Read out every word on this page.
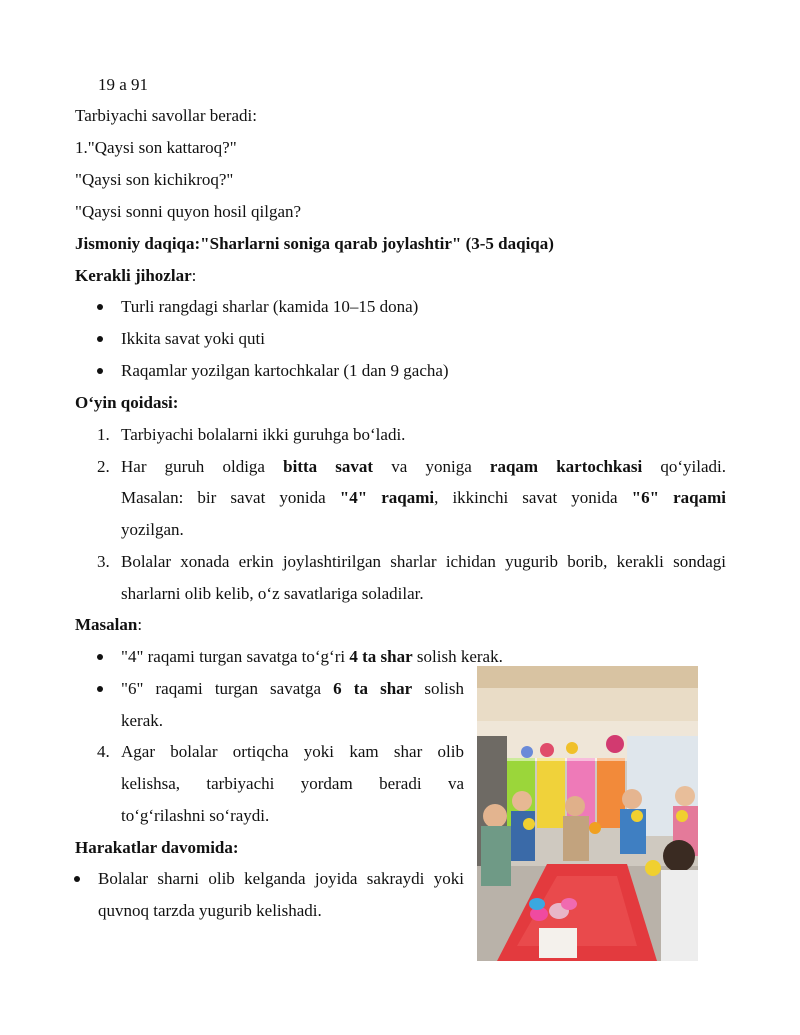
19 a 91
Tarbiyachi savollar beradi:
1."Qaysi son kattaroq?"
"Qaysi son kichikroq?"
"Qaysi sonni quyon hosil qilgan?
Jismoniy daqiqa:"Sharlarni soniga qarab joylashtir" (3-5 daqiqa)
Kerakli jihozlar:
Turli rangdagi sharlar (kamida 10–15 dona)
Ikkita savat yoki quti
Raqamlar yozilgan kartochkalar (1 dan 9 gacha)
O‘yin qoidasi:
1. Tarbiyachi bolalarni ikki guruhga bo‘ladi.
2. Har guruh oldiga bitta savat va yoniga raqam kartochkasi qo‘yiladi.
Masalan: bir savat yonida "4" raqami, ikkinchi savat yonida "6" raqami
yozilgan.
3. Bolalar xonada erkin joylashtirilgan sharlar ichidan yugurib borib, kerakli sondagi
sharlarni olib kelib, o‘z savatlariga soladilar.
Masalan:
"4" raqami turgan savatga to‘g‘ri 4 ta shar solish kerak.
"6" raqami turgan savatga 6 ta shar solish
kerak.
4. Agar bolalar ortiqcha yoki kam shar olib
kelishsa, tarbiyachi yordam beradi va
to‘g‘rilashni so‘raydi.
Harakatlar davomida:
Bolalar sharni olib kelganda joyida sakraydi yoki
quvnoq tarzda yugurib kelishadi.
